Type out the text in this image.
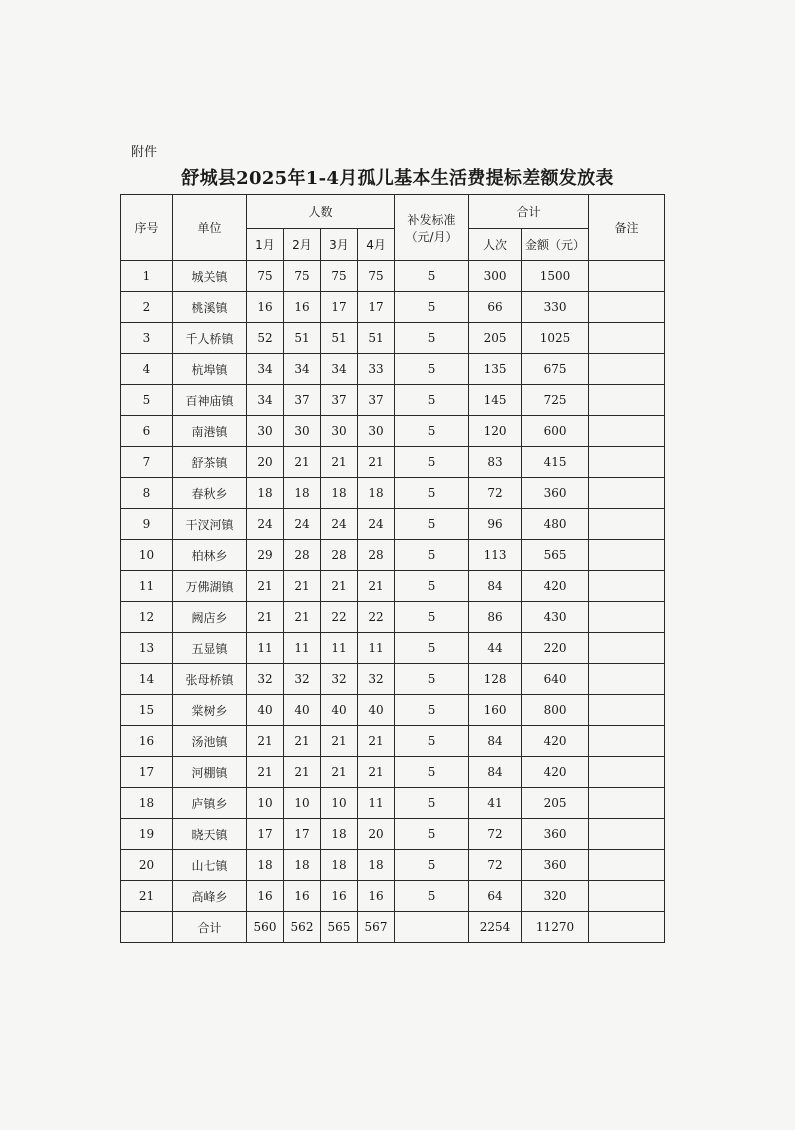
附件
舒城县2025年1-4月孤儿基本生活费提标差额发放表
序号	单位	人数				补发标准
（元/月）	合计		备注
		1月	2月	3月	4月		人次	金额（元）	
1	城关镇	75	75	75	75	5	300	1500	
2	桃溪镇	16	16	17	17	5	66	330	
3	千人桥镇	52	51	51	51	5	205	1025	
4	杭埠镇	34	34	34	33	5	135	675	
5	百神庙镇	34	37	37	37	5	145	725	
6	南港镇	30	30	30	30	5	120	600	
7	舒茶镇	20	21	21	21	5	83	415	
8	春秋乡	18	18	18	18	5	72	360	
9	干汊河镇	24	24	24	24	5	96	480	
10	柏林乡	29	28	28	28	5	113	565	
11	万佛湖镇	21	21	21	21	5	84	420	
12	阙店乡	21	21	22	22	5	86	430	
13	五显镇	11	11	11	11	5	44	220	
14	张母桥镇	32	32	32	32	5	128	640	
15	棠树乡	40	40	40	40	5	160	800	
16	汤池镇	21	21	21	21	5	84	420	
17	河棚镇	21	21	21	21	5	84	420	
18	庐镇乡	10	10	10	11	5	41	205	
19	晓天镇	17	17	18	20	5	72	360	
20	山七镇	18	18	18	18	5	72	360	
21	高峰乡	16	16	16	16	5	64	320	
	合计	560	562	565	567		2254	11270	
